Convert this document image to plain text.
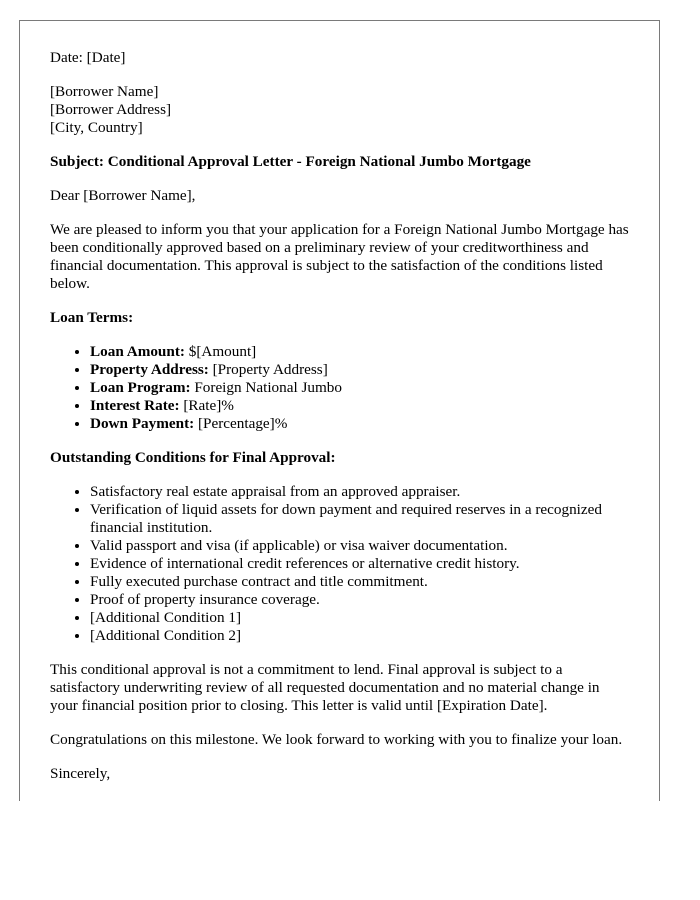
Date: [Date]

[Borrower Name]

[Borrower Address]

[City, Country]

Subject: Conditional Approval Letter - Foreign National Jumbo Mortgage

Dear [Borrower Name],

We are pleased to inform you that your application for a Foreign National Jumbo Mortgage has been conditionally approved based on a preliminary review of your creditworthiness and financial documentation. This approval is subject to the satisfaction of the conditions listed below.

Loan Terms:

• Loan Amount: $[Amount]
• Property Address: [Property Address]
• Loan Program: Foreign National Jumbo
• Interest Rate: [Rate]%
• Down Payment: [Percentage]%

Outstanding Conditions for Final Approval:

• Satisfactory real estate appraisal from an approved appraiser.
• Verification of liquid assets for down payment and required reserves in a recognized financial institution.
• Valid passport and visa (if applicable) or visa waiver documentation.
• Evidence of international credit references or alternative credit history.
• Fully executed purchase contract and title commitment.
• Proof of property insurance coverage.
• [Additional Condition 1]
• [Additional Condition 2]

This conditional approval is not a commitment to lend. Final approval is subject to a satisfactory underwriting review of all requested documentation and no material change in your financial position prior to closing. This letter is valid until [Expiration Date].

Congratulations on this milestone. We look forward to working with you to finalize your loan.

Sincerely,
